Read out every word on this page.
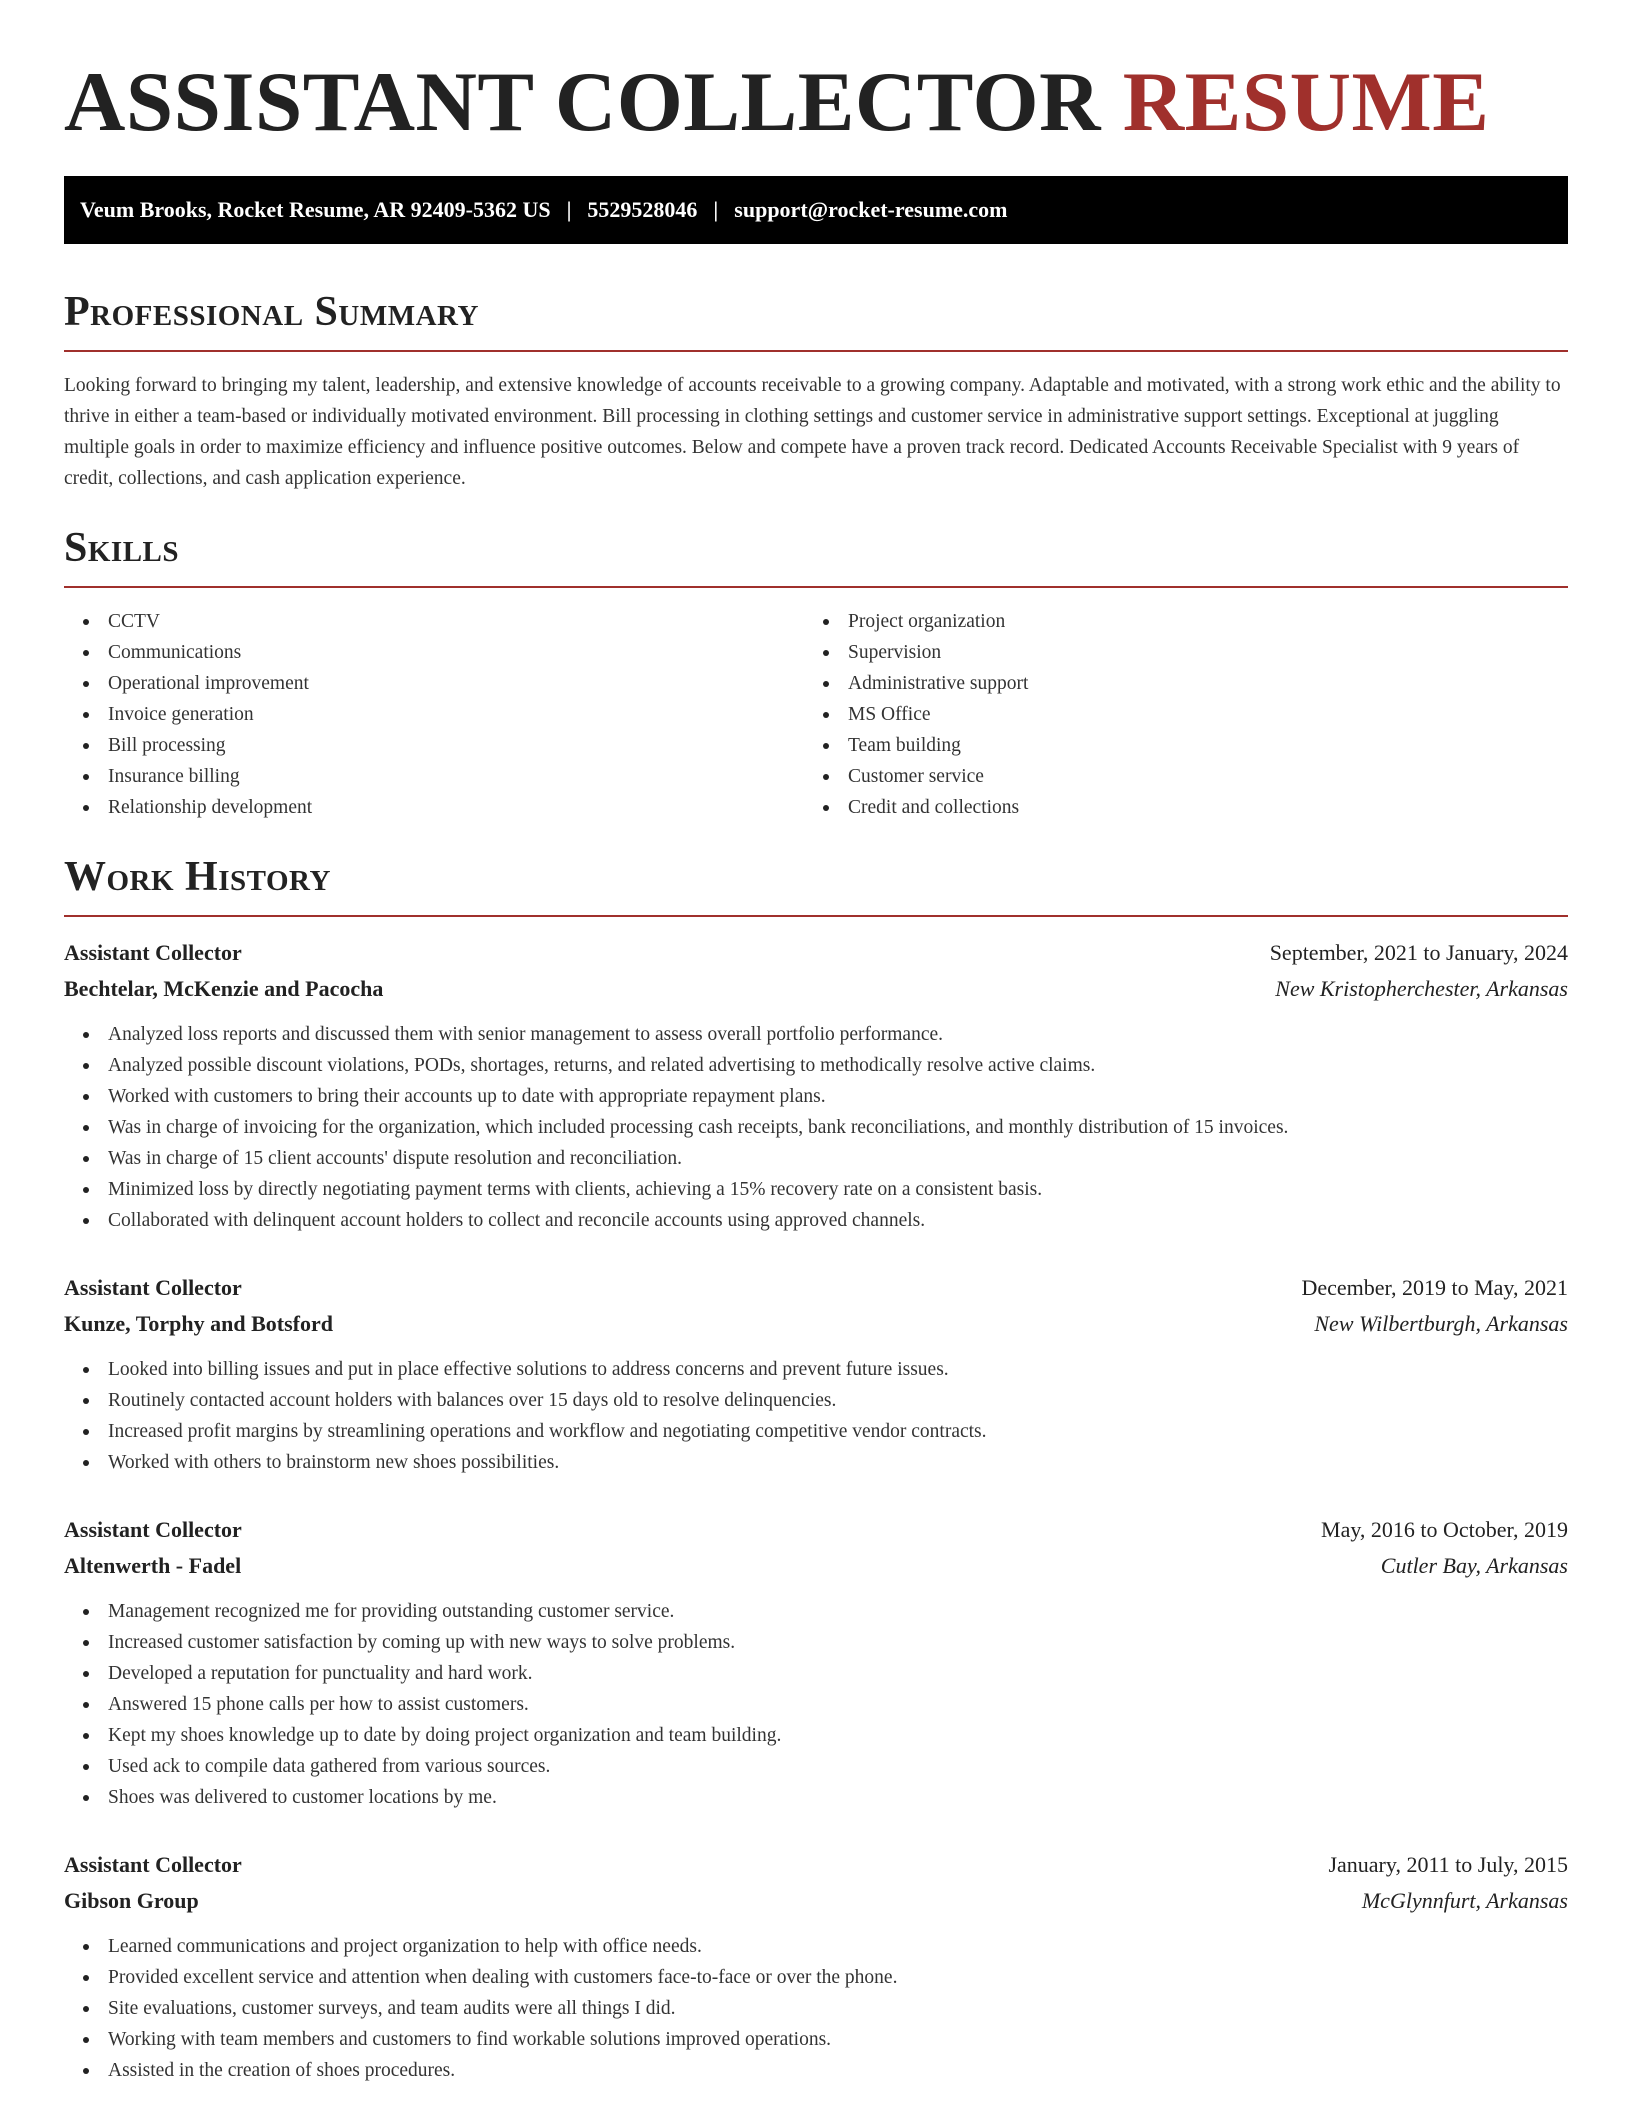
ASSISTANT COLLECTOR RESUME
Veum Brooks, Rocket Resume, AR 92409-5362 US | 5529528046 | support@rocket-resume.com
Professional Summary

Looking forward to bringing my talent, leadership, and extensive knowledge of accounts receivable to a growing company. Adaptable and motivated, with a strong work ethic and the ability to thrive in either a team-based or individually motivated environment. Bill processing in clothing settings and customer service in administrative support settings. Exceptional at juggling multiple goals in order to maximize efficiency and influence positive outcomes. Below and compete have a proven track record. Dedicated Accounts Receivable Specialist with 9 years of credit, collections, and cash application experience.

Skills
CCTV
Communications
Operational improvement
Invoice generation
Bill processing
Insurance billing
Relationship development
Project organization
Supervision
Administrative support
MS Office
Team building
Customer service
Credit and collections
Work History
Assistant Collector	September, 2021 to January, 2024
Bechtelar, McKenzie and Pacocha	New Kristopherchester, Arkansas
Analyzed loss reports and discussed them with senior management to assess overall portfolio performance.
Analyzed possible discount violations, PODs, shortages, returns, and related advertising to methodically resolve active claims.
Worked with customers to bring their accounts up to date with appropriate repayment plans.
Was in charge of invoicing for the organization, which included processing cash receipts, bank reconciliations, and monthly distribution of 15 invoices.
Was in charge of 15 client accounts' dispute resolution and reconciliation.
Minimized loss by directly negotiating payment terms with clients, achieving a 15% recovery rate on a consistent basis.
Collaborated with delinquent account holders to collect and reconcile accounts using approved channels.
Assistant Collector	December, 2019 to May, 2021
Kunze, Torphy and Botsford	New Wilbertburgh, Arkansas
Looked into billing issues and put in place effective solutions to address concerns and prevent future issues.
Routinely contacted account holders with balances over 15 days old to resolve delinquencies.
Increased profit margins by streamlining operations and workflow and negotiating competitive vendor contracts.
Worked with others to brainstorm new shoes possibilities.
Assistant Collector	May, 2016 to October, 2019
Altenwerth - Fadel	Cutler Bay, Arkansas
Management recognized me for providing outstanding customer service.
Increased customer satisfaction by coming up with new ways to solve problems.
Developed a reputation for punctuality and hard work.
Answered 15 phone calls per how to assist customers.
Kept my shoes knowledge up to date by doing project organization and team building.
Used ack to compile data gathered from various sources.
Shoes was delivered to customer locations by me.
Assistant Collector	January, 2011 to July, 2015
Gibson Group	McGlynnfurt, Arkansas
Learned communications and project organization to help with office needs.
Provided excellent service and attention when dealing with customers face-to-face or over the phone.
Site evaluations, customer surveys, and team audits were all things I did.
Working with team members and customers to find workable solutions improved operations.
Assisted in the creation of shoes procedures.
